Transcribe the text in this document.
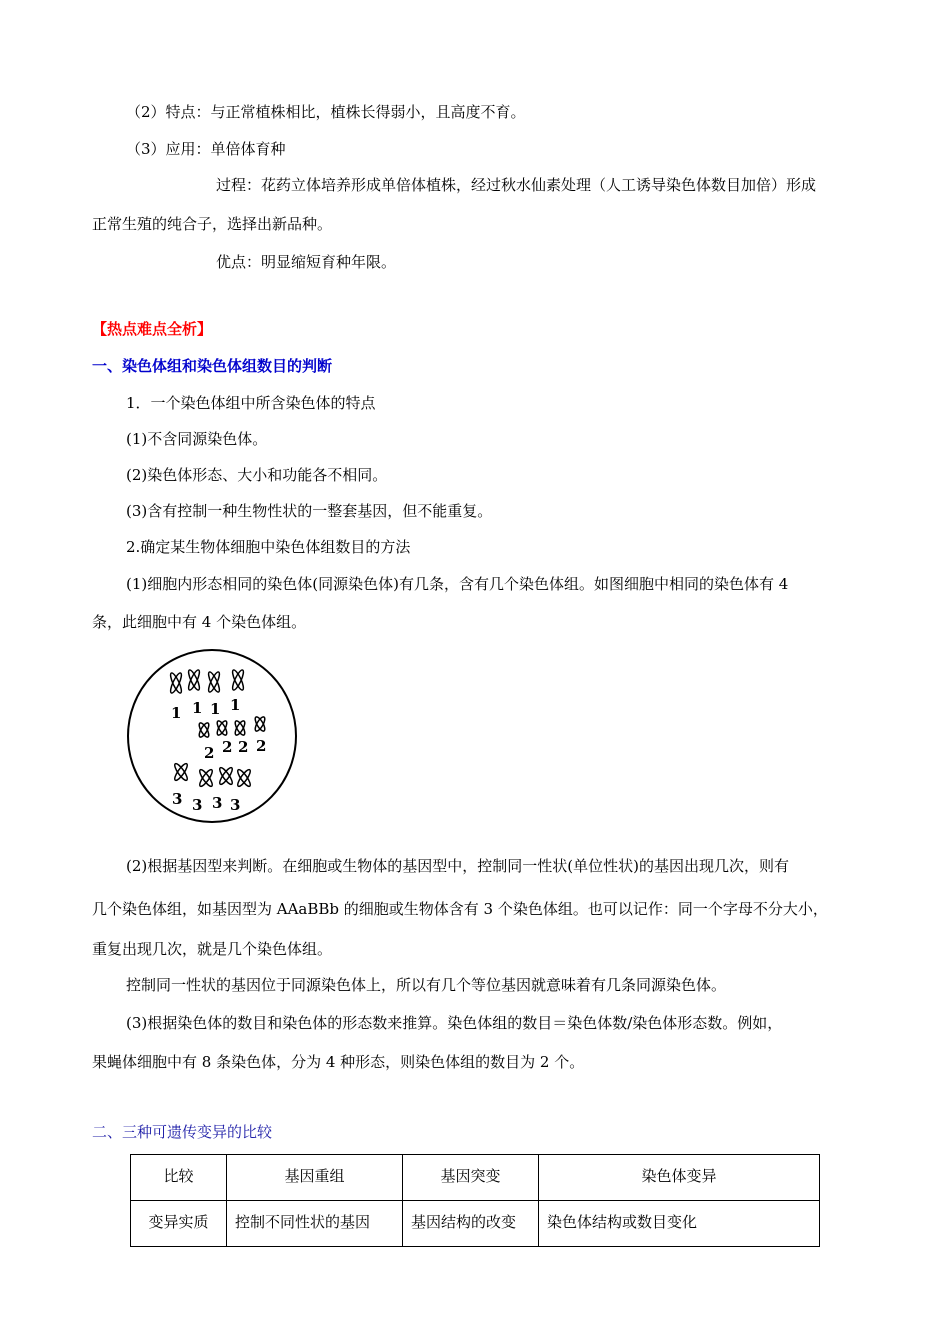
（2）特点：与正常植株相比，植株长得弱小，且高度不育。
（3）应用：单倍体育种
过程：花药立体培养形成单倍体植株，经过秋水仙素处理（人工诱导染色体数目加倍）形成
正常生殖的纯合子，选择出新品种。
优点：明显缩短育种年限。
【热点难点全析】
一、染色体组和染色体组数目的判断
1．一个染色体组中所含染色体的特点
(1)不含同源染色体。
(2)染色体形态、大小和功能各不相同。
(3)含有控制一种生物性状的一整套基因，但不能重复。
2.确定某生物体细胞中染色体组数目的方法
(1)细胞内形态相同的染色体(同源染色体)有几条，含有几个染色体组。如图细胞中相同的染色体有 4
条，此细胞中有 4 个染色体组。
1 1 1 1
2 2 2 2
3 3 3 3
(2)根据基因型来判断。在细胞或生物体的基因型中，控制同一性状(单位性状)的基因出现几次，则有
几个染色体组，如基因型为 AAaBBb 的细胞或生物体含有 3 个染色体组。也可以记作：同一个字母不分大小，
重复出现几次，就是几个染色体组。
控制同一性状的基因位于同源染色体上，所以有几个等位基因就意味着有几条同源染色体。
(3)根据染色体的数目和染色体的形态数来推算。染色体组的数目＝染色体数/染色体形态数。例如，
果蝇体细胞中有 8 条染色体，分为 4 种形态，则染色体组的数目为 2 个。
二、三种可遗传变异的比较
比较	基因重组	基因突变	染色体变异
变异实质	控制不同性状的基因	基因结构的改变	染色体结构或数目变化
